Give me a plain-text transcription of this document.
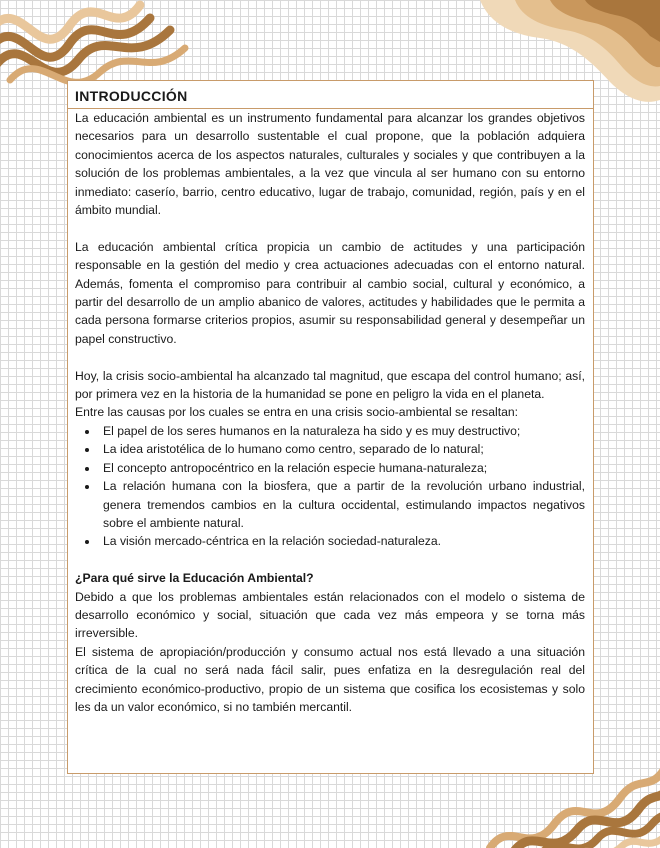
INTRODUCCIÓN

La educación ambiental es un instrumento fundamental para alcanzar los grandes objetivos necesarios para un desarrollo sustentable el cual propone, que la población adquiera conocimientos acerca de los aspectos naturales, culturales y sociales y que contribuyen a la solución de los problemas ambientales, a la vez que vincula al ser humano con su entorno inmediato: caserío, barrio, centro educativo, lugar de trabajo, comunidad, región, país y en el ámbito mundial.

La educación ambiental crítica propicia un cambio de actitudes y una participación responsable en la gestión del medio y crea actuaciones adecuadas con el entorno natural. Además, fomenta el compromiso para contribuir al cambio social, cultural y económico, a partir del desarrollo de un amplio abanico de valores, actitudes y habilidades que le permita a cada persona formarse criterios propios, asumir su responsabilidad general y desempeñar un papel constructivo.

Hoy, la crisis socio-ambiental ha alcanzado tal magnitud, que escapa del control humano; así, por primera vez en la historia de la humanidad se pone en peligro la vida en el planeta.

Entre las causas por los cuales se entra en una crisis socio-ambiental se resaltan:

• El papel de los seres humanos en la naturaleza ha sido y es muy destructivo;
• La idea aristotélica de lo humano como centro, separado de lo natural;
• El concepto antropocéntrico en la relación especie humana-naturaleza;
• La relación humana con la biosfera, que a partir de la revolución urbano industrial, genera tremendos cambios en la cultura occidental, estimulando impactos negativos sobre el ambiente natural.
• La visión mercado-céntrica en la relación sociedad-naturaleza.

¿Para qué sirve la Educación Ambiental?

Debido a que los problemas ambientales están relacionados con el modelo o sistema de desarrollo económico y social, situación que cada vez más empeora y se torna más irreversible.

El sistema de apropiación/producción y consumo actual nos está llevado a una situación crítica de la cual no será nada fácil salir, pues enfatiza en la desregulación real del crecimiento económico-productivo, propio de un sistema que cosifica los ecosistemas y solo les da un valor económico, si no también mercantil.
